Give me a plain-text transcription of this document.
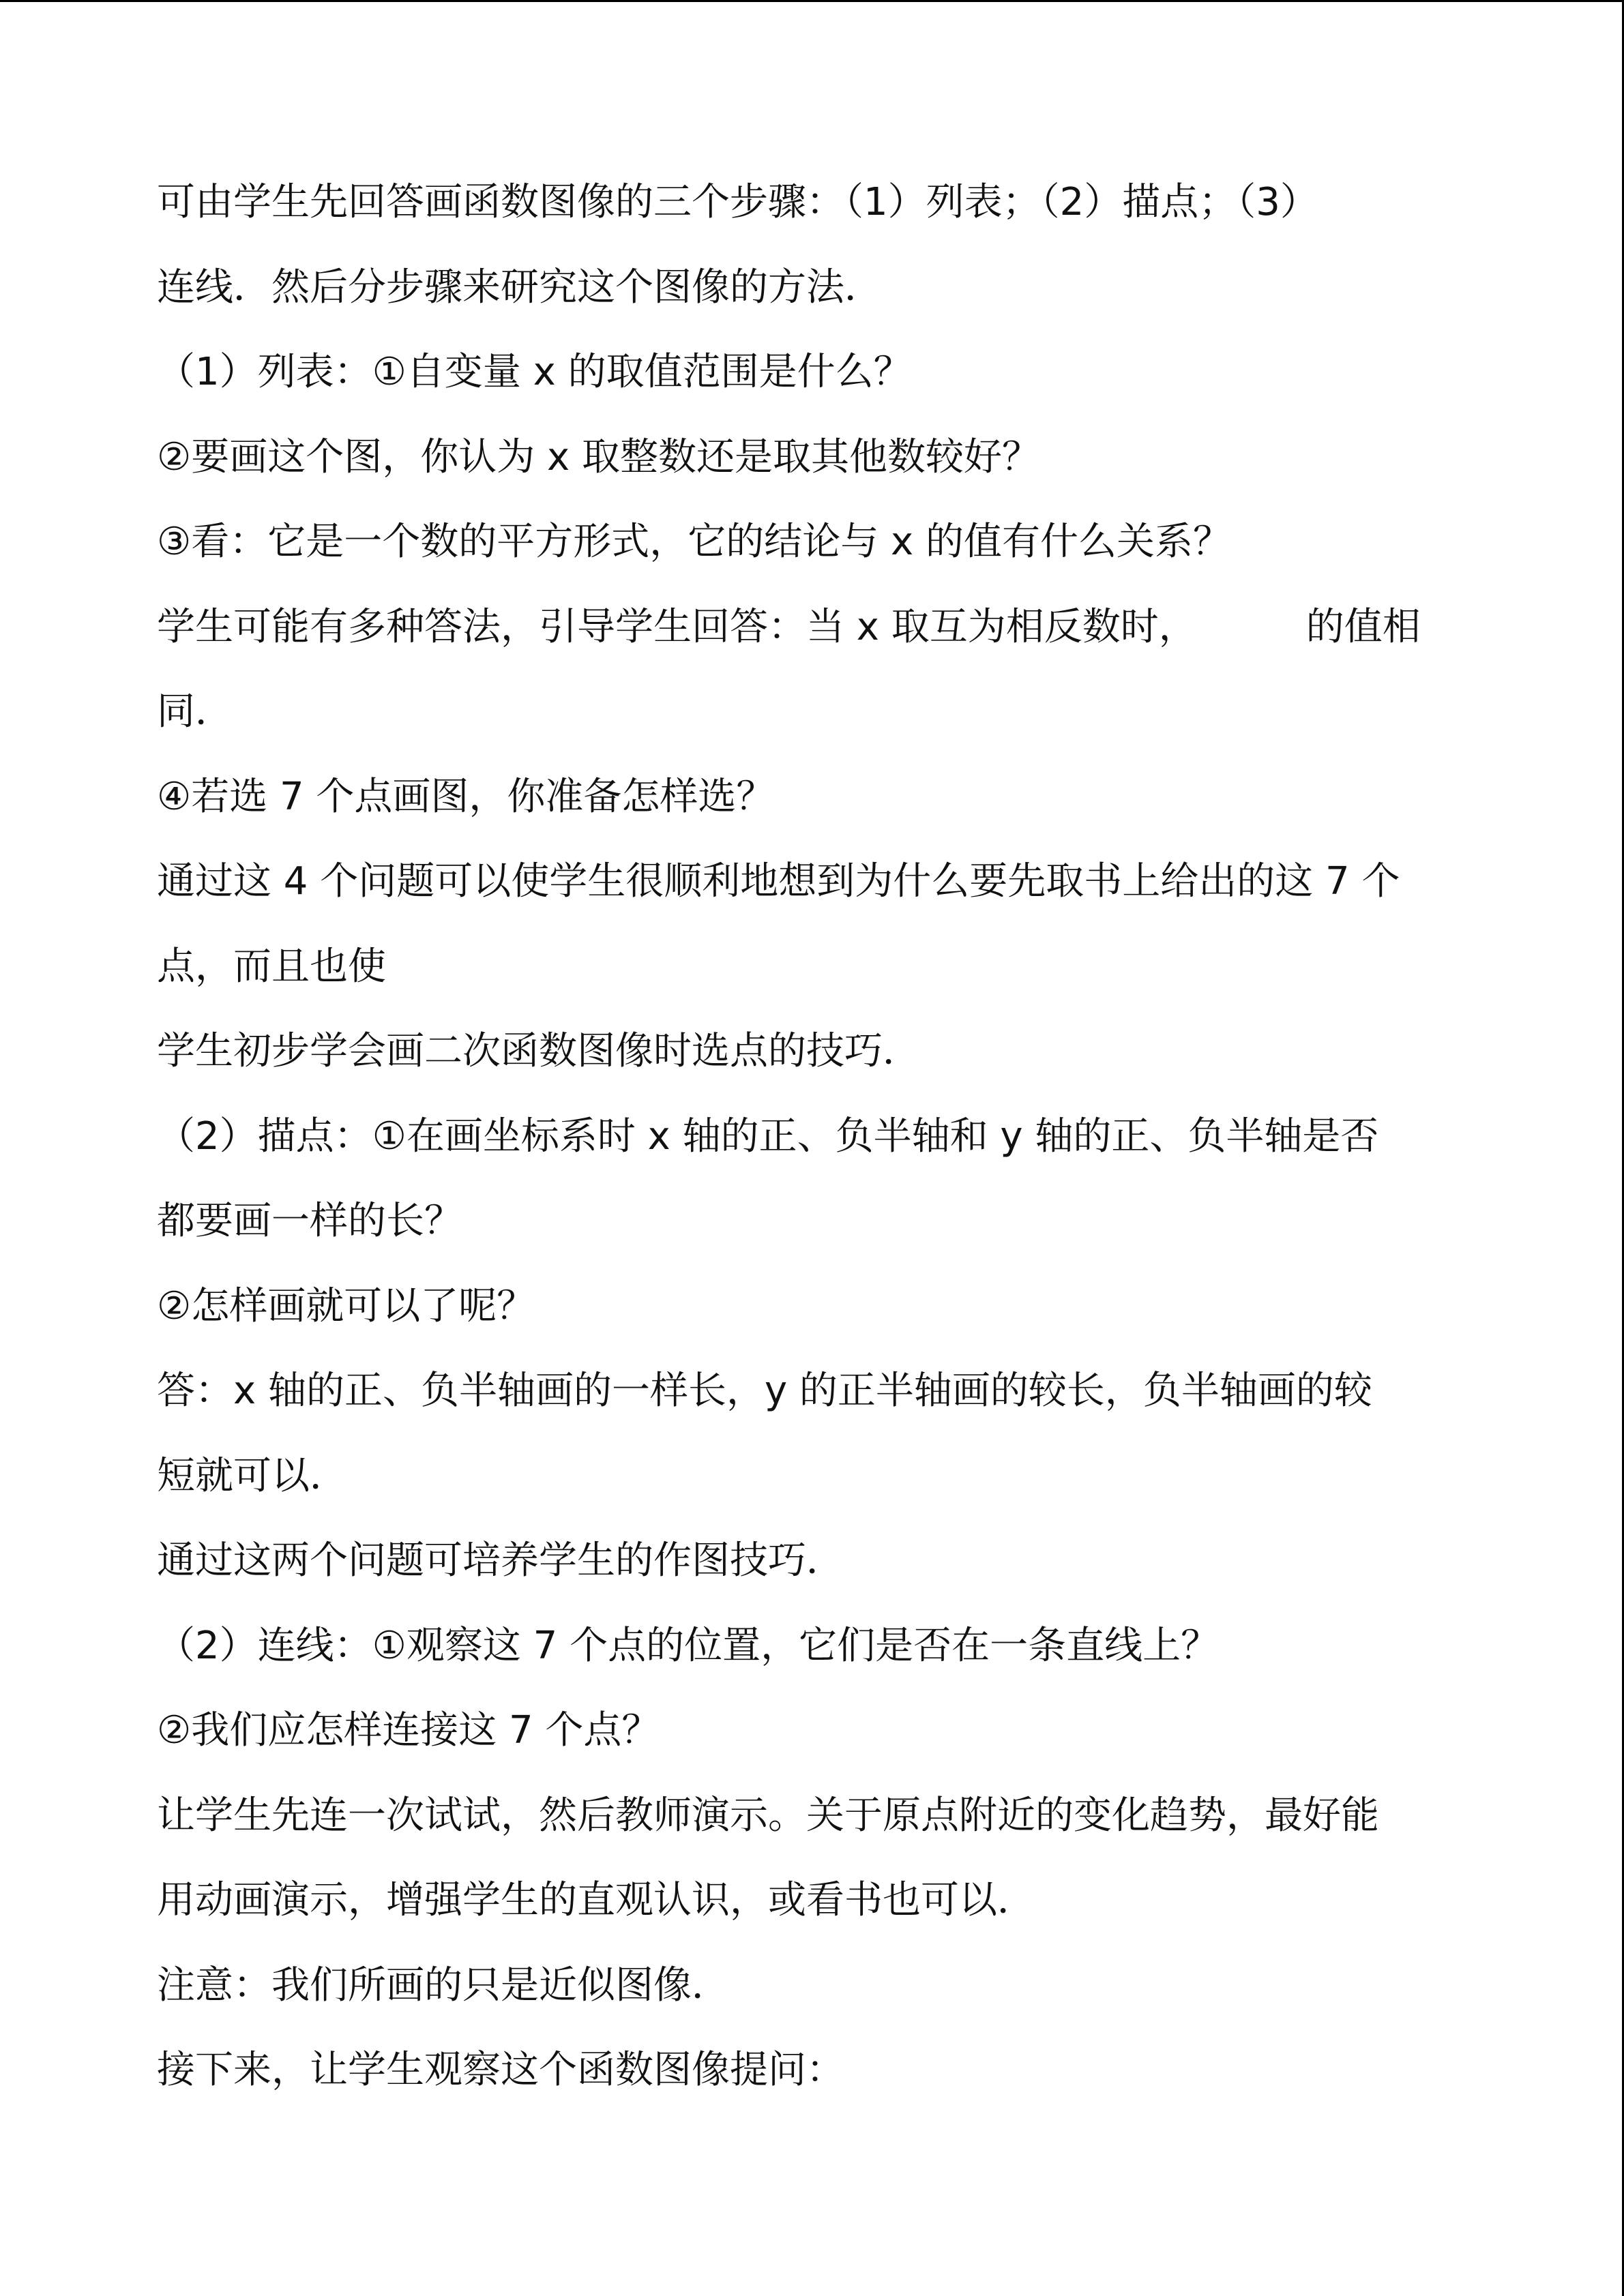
可由学生先回答画函数图像的三个步骤：（1）列表；（2）描点；（3）
连线．然后分步骤来研究这个图像的方法．
（1）列表：①自变量 x 的取值范围是什么？
②要画这个图，你认为 x 取整数还是取其他数较好？
③看：它是一个数的平方形式，它的结论与 x 的值有什么关系？
学生可能有多种答法，引导学生回答：当 x 取互为相反数时，	的值相
同．
④若选 7 个点画图，你准备怎样选？
通过这 4 个问题可以使学生很顺利地想到为什么要先取书上给出的这 7 个
点，而且也使
学生初步学会画二次函数图像时选点的技巧．
（2）描点：①在画坐标系时 x 轴的正、负半轴和 y 轴的正、负半轴是否
都要画一样的长？
②怎样画就可以了呢？
答：x 轴的正、负半轴画的一样长，y 的正半轴画的较长，负半轴画的较
短就可以．
通过这两个问题可培养学生的作图技巧．
（2）连线：①观察这 7 个点的位置，它们是否在一条直线上？
②我们应怎样连接这 7 个点？
让学生先连一次试试，然后教师演示。关于原点附近的变化趋势，最好能
用动画演示，增强学生的直观认识，或看书也可以．
注意：我们所画的只是近似图像．
接下来，让学生观察这个函数图像提问：
